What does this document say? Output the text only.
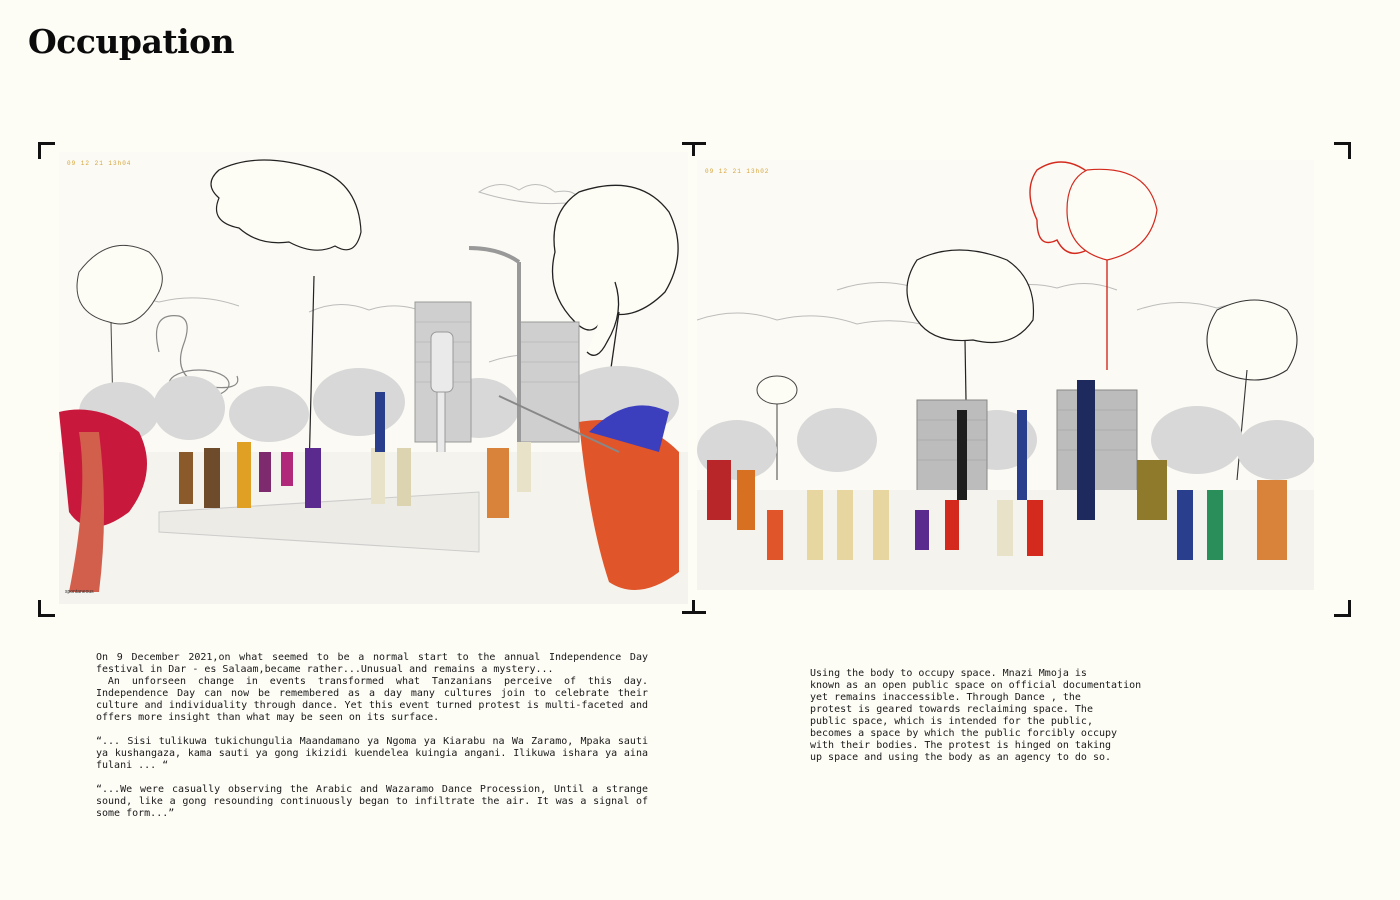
Occupation
09 12 21 13h04
spontaneous
09 12 21 13h02

On 9 December 2021,on what seemed to be a normal start to the annual Independence Day festival in Dar - es Salaam,became rather...Unusual and remains a mystery...
An unforseen change in events transformed what Tanzanians perceive of this day. Independence Day can now be remembered as a day many cultures join to celebrate their culture and individuality through dance. Yet this event turned protest is multi-faceted and offers more insight than what may be seen on its surface.

“... Sisi tulikuwa tukichungulia Maandamano ya Ngoma ya Kiarabu na Wa Zaramo, Mpaka sauti ya kushangaza, kama sauti ya gong ikizidi kuendelea kuingia angani. Ilikuwa ishara ya aina fulani ... “

“...We were casually observing the Arabic and Wazaramo Dance Procession, Until a strange sound, like a gong resounding continuously began to infiltrate the air. It was a signal of some form...”

Using the body to occupy space. Mnazi Mmoja is
known as an open public space on official documentation
yet remains inaccessible. Through Dance , the
protest is geared towards reclaiming space. The
public space, which is intended for the public,
becomes a space by which the public forcibly occupy
with their bodies. The protest is hinged on taking
up space and using the body as an agency to do so.
